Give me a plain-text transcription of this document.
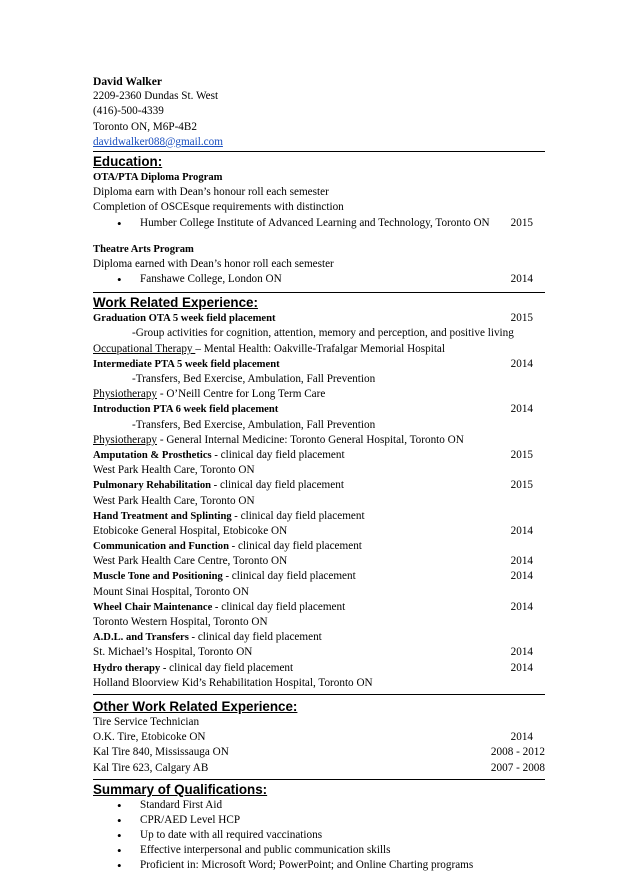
David Walker
2209-2360 Dundas St. West
(416)-500-4339
Toronto ON, M6P-4B2
davidwalker088@gmail.com
Education:
OTA/PTA Diploma Program
Diploma earn with Dean’s honour roll each semester
Completion of OSCEsque requirements with distinction
• Humber College Institute of Advanced Learning and Technology, Toronto ON 2015
Theatre Arts Program
Diploma earned with Dean’s honor roll each semester
• Fanshawe College, London ON	2014
Work Related Experience:
Graduation OTA 5 week field placement	2015
-Group activities for cognition, attention, memory and perception, and positive living
Occupational Therapy – Mental Health: Oakville-Trafalgar Memorial Hospital
Intermediate PTA 5 week field placement	2014
-Transfers, Bed Exercise, Ambulation, Fall Prevention
Physiotherapy - O’Neill Centre for Long Term Care
Introduction PTA 6 week field placement	2014
-Transfers, Bed Exercise, Ambulation, Fall Prevention
Physiotherapy - General Internal Medicine: Toronto General Hospital, Toronto ON
Amputation & Prosthetics - clinical day field placement	2015
West Park Health Care, Toronto ON
Pulmonary Rehabilitation - clinical day field placement	2015
West Park Health Care, Toronto ON
Hand Treatment and Splinting - clinical day field placement
Etobicoke General Hospital, Etobicoke ON	2014
Communication and Function - clinical day field placement
West Park Health Care Centre, Toronto ON	2014
Muscle Tone and Positioning - clinical day field placement	2014
Mount Sinai Hospital, Toronto ON
Wheel Chair Maintenance - clinical day field placement	2014
Toronto Western Hospital, Toronto ON
A.D.L. and Transfers - clinical day field placement
St. Michael’s Hospital, Toronto ON	2014
Hydro therapy - clinical day field placement	2014
Holland Bloorview Kid’s Rehabilitation Hospital, Toronto ON
Other Work Related Experience:
Tire Service Technician
O.K. Tire, Etobicoke ON	2014
Kal Tire 840, Mississauga ON	2008 - 2012
Kal Tire 623, Calgary AB	2007 - 2008
Summary of Qualifications:
• Standard First Aid
• CPR/AED Level HCP
• Up to date with all required vaccinations
• Effective interpersonal and public communication skills
• Proficient in: Microsoft Word; PowerPoint; and Online Charting programs
